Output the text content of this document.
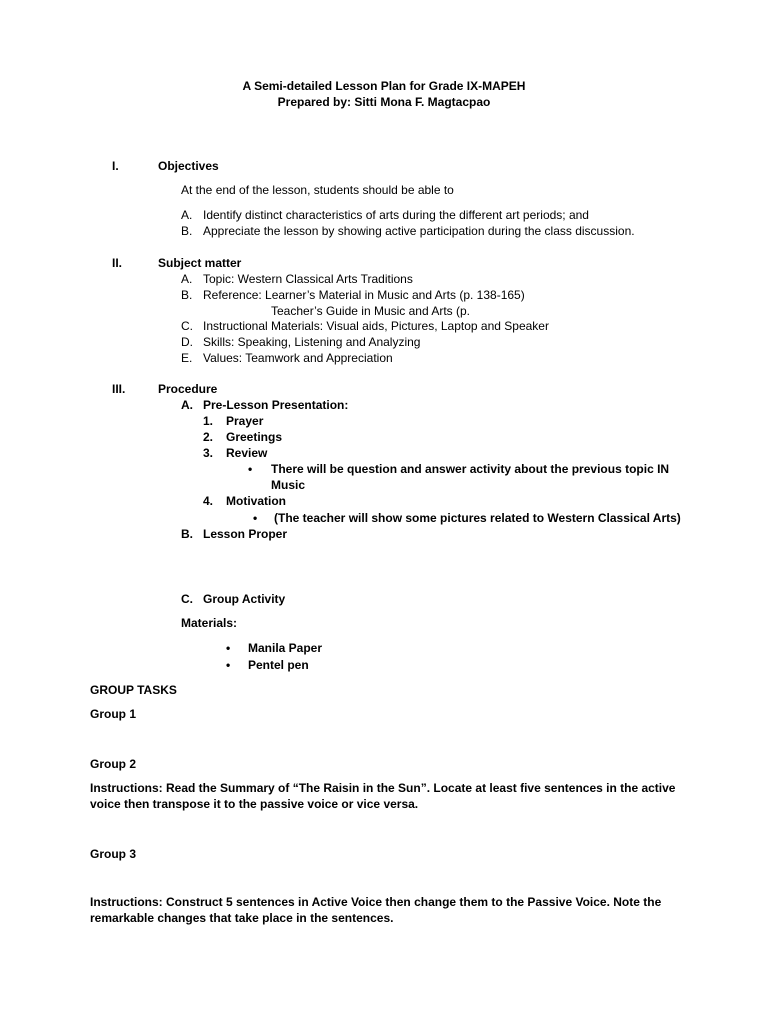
A Semi-detailed Lesson Plan for Grade IX-MAPEH
Prepared by: Sitti Mona F. Magtacpao
I.	Objectives
At the end of the lesson, students should be able to
A. Identify distinct characteristics of arts during the different art periods; and
B. Appreciate the lesson by showing active participation during the class discussion.
II.	Subject matter
A. Topic: Western Classical Arts Traditions
B. Reference: Learner’s Material in Music and Arts (p. 138-165)
Teacher’s Guide in Music and Arts (p.
C. Instructional Materials: Visual aids, Pictures, Laptop and Speaker
D. Skills: Speaking, Listening and Analyzing
E. Values: Teamwork and Appreciation
III.	Procedure
A. Pre-Lesson Presentation:
1. Prayer
2. Greetings
3. Review
• There will be question and answer activity about the previous topic IN
Music
4. Motivation
• (The teacher will show some pictures related to Western Classical Arts)
B. Lesson Proper
C. Group Activity
Materials:
• Manila Paper
• Pentel pen
GROUP TASKS
Group 1
Group 2
Instructions: Read the Summary of “The Raisin in the Sun”. Locate at least five sentences in the active voice then transpose it to the passive voice or vice versa.
Group 3
Instructions: Construct 5 sentences in Active Voice then change them to the Passive Voice. Note the remarkable changes that take place in the sentences.
